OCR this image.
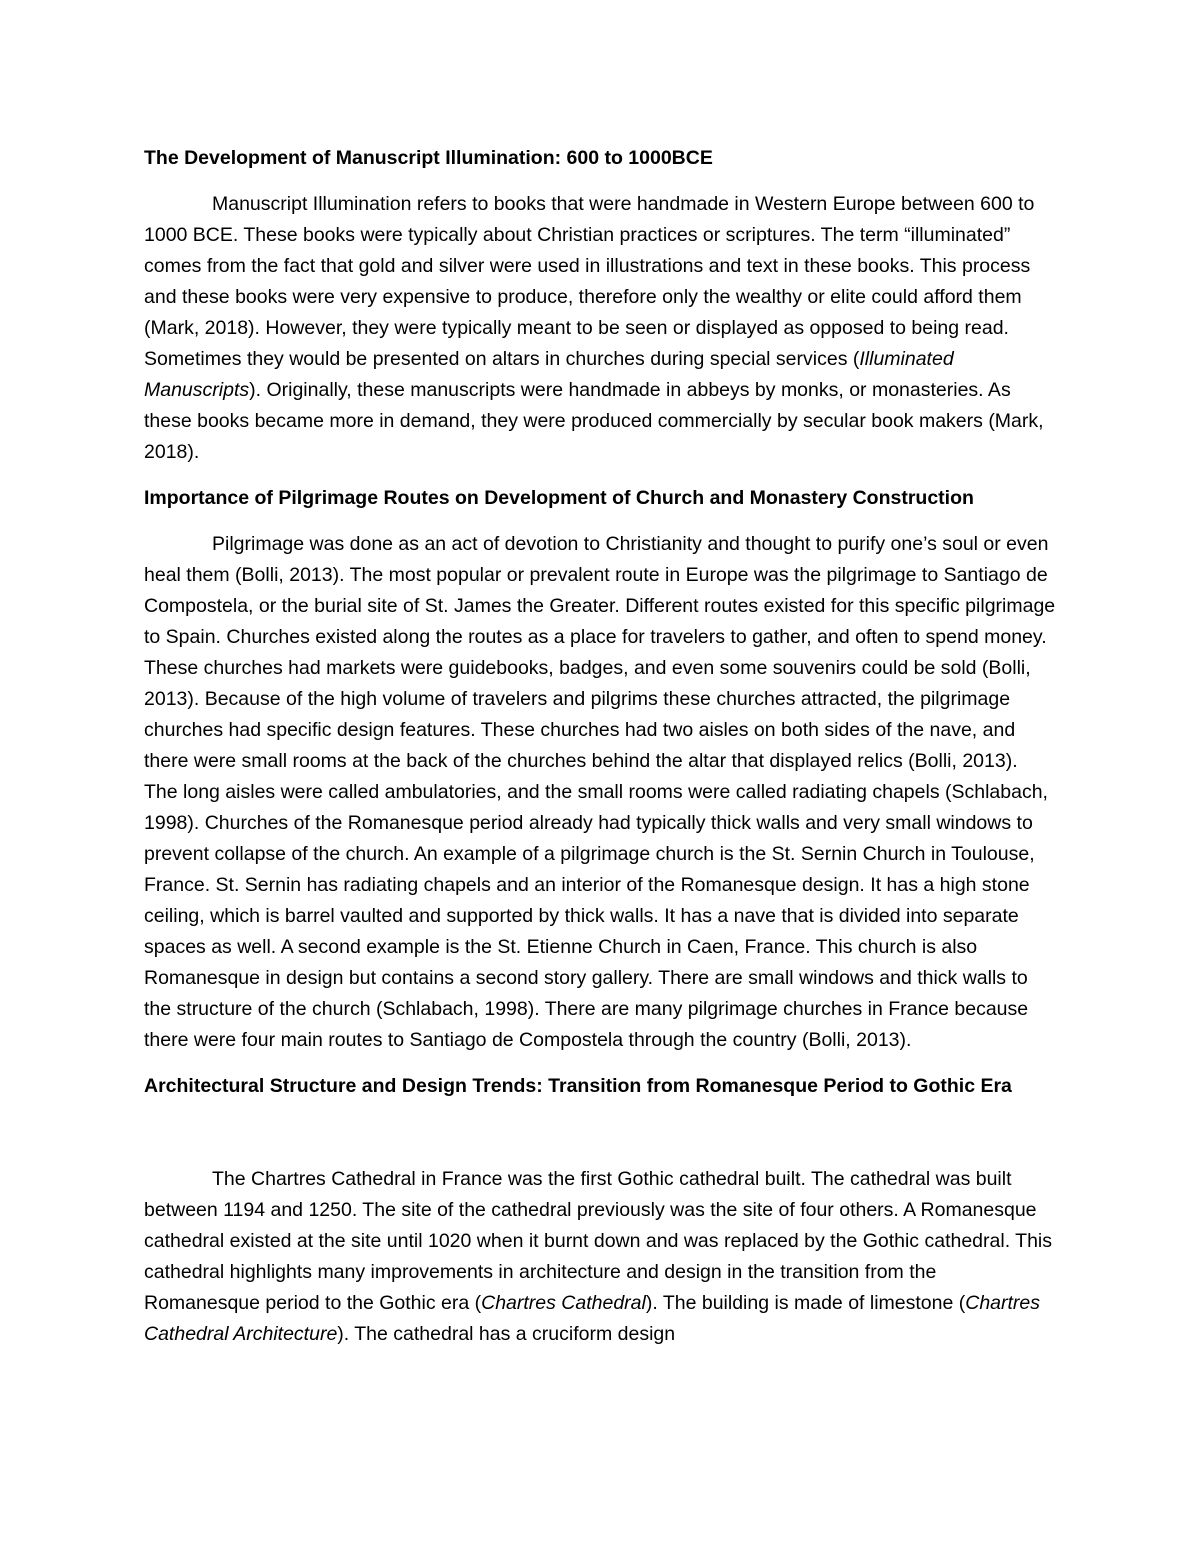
The Development of Manuscript Illumination: 600 to 1000BCE

Manuscript Illumination refers to books that were handmade in Western Europe between 600 to 1000 BCE. These books were typically about Christian practices or scriptures. The term “illuminated” comes from the fact that gold and silver were used in illustrations and text in these books. This process and these books were very expensive to produce, therefore only the wealthy or elite could afford them (Mark, 2018). However, they were typically meant to be seen or displayed as opposed to being read. Sometimes they would be presented on altars in churches during special services (Illuminated Manuscripts). Originally, these manuscripts were handmade in abbeys by monks, or monasteries. As these books became more in demand, they were produced commercially by secular book makers (Mark, 2018).

Importance of Pilgrimage Routes on Development of Church and Monastery Construction

Pilgrimage was done as an act of devotion to Christianity and thought to purify one’s soul or even heal them (Bolli, 2013). The most popular or prevalent route in Europe was the pilgrimage to Santiago de Compostela, or the burial site of St. James the Greater. Different routes existed for this specific pilgrimage to Spain. Churches existed along the routes as a place for travelers to gather, and often to spend money. These churches had markets were guidebooks, badges, and even some souvenirs could be sold (Bolli, 2013). Because of the high volume of travelers and pilgrims these churches attracted, the pilgrimage churches had specific design features. These churches had two aisles on both sides of the nave, and there were small rooms at the back of the churches behind the altar that displayed relics (Bolli, 2013). The long aisles were called ambulatories, and the small rooms were called radiating chapels (Schlabach, 1998). Churches of the Romanesque period already had typically thick walls and very small windows to prevent collapse of the church. An example of a pilgrimage church is the St. Sernin Church in Toulouse, France. St. Sernin has radiating chapels and an interior of the Romanesque design. It has a high stone ceiling, which is barrel vaulted and supported by thick walls. It has a nave that is divided into separate spaces as well. A second example is the St. Etienne Church in Caen, France. This church is also Romanesque in design but contains a second story gallery. There are small windows and thick walls to the structure of the church (Schlabach, 1998). There are many pilgrimage churches in France because there were four main routes to Santiago de Compostela through the country (Bolli, 2013).

Architectural Structure and Design Trends: Transition from Romanesque Period to Gothic Era

The Chartres Cathedral in France was the first Gothic cathedral built. The cathedral was built between 1194 and 1250. The site of the cathedral previously was the site of four others. A Romanesque cathedral existed at the site until 1020 when it burnt down and was replaced by the Gothic cathedral. This cathedral highlights many improvements in architecture and design in the transition from the Romanesque period to the Gothic era (Chartres Cathedral). The building is made of limestone (Chartres Cathedral Architecture). The cathedral has a cruciform design
